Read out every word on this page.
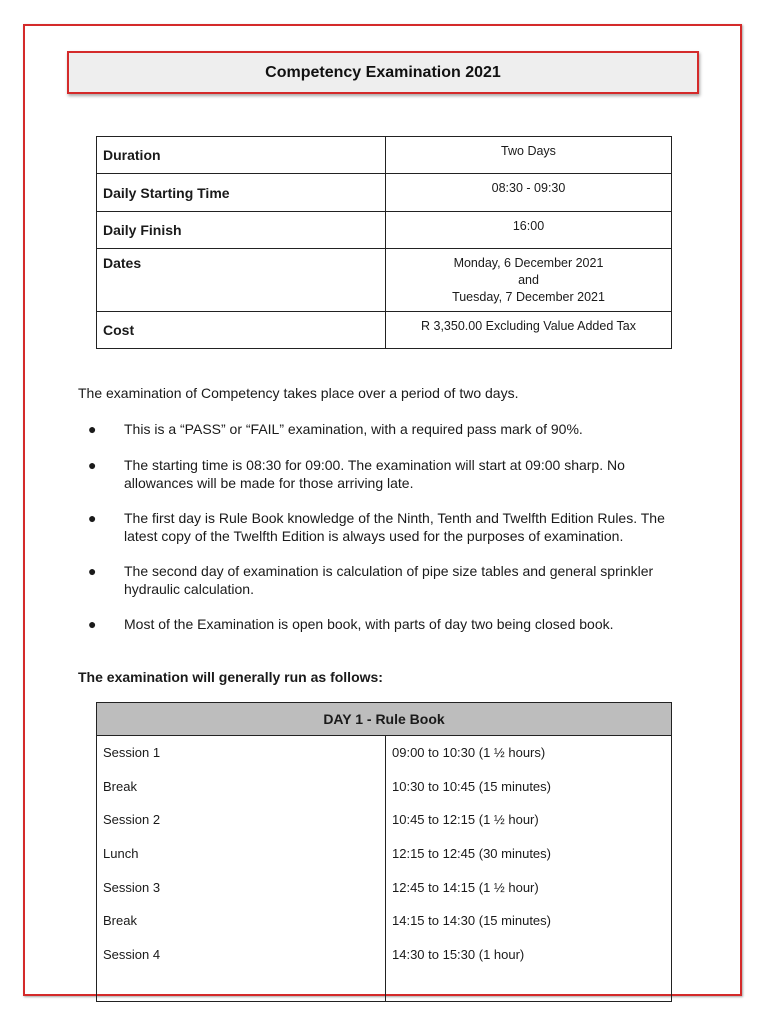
Competency Examination 2021
Duration	Two Days

Daily Starting Time	08:30 - 09:30

Daily Finish	16:00

Dates	Monday, 6 December 2021
and
Tuesday, 7 December 2021

Cost	R 3,350.00 Excluding Value Added Tax
The examination of Competency takes place over a period of two days.
● This is a “PASS” or “FAIL” examination, with a required pass mark of 90%.
● The starting time is 08:30 for 09:00. The examination will start at 09:00 sharp. No allowances will be made for those arriving late.
● The first day is Rule Book knowledge of the Ninth, Tenth and Twelfth Edition Rules. The latest copy of the Twelfth Edition is always used for the purposes of examination.
● The second day of examination is calculation of pipe size tables and general sprinkler hydraulic calculation.
● Most of the Examination is open book, with parts of day two being closed book.
The examination will generally run as follows:
DAY 1 - Rule Book	
Session 1	09:00 to 10:30 (1 ½ hours)
Break	10:30 to 10:45 (15 minutes)
Session 2	10:45 to 12:15 (1 ½ hour)
Lunch	12:15 to 12:45 (30 minutes)
Session 3	12:45 to 14:15 (1 ½ hour)
Break	14:15 to 14:30 (15 minutes)
Session 4	14:30 to 15:30 (1 hour)
